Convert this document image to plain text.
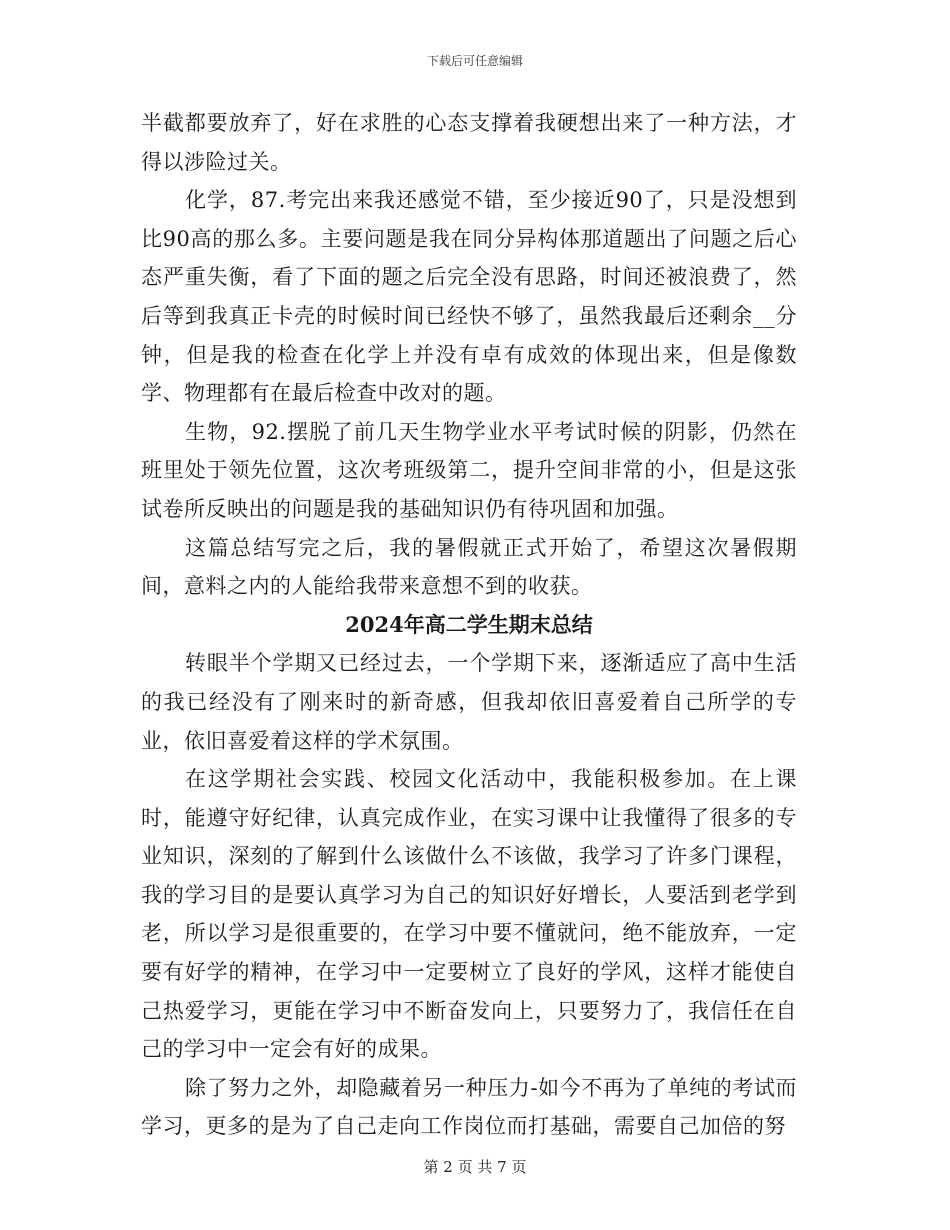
下载后可任意编辑

半截都要放弃了，好在求胜的心态支撑着我硬想出来了一种方法，才得以涉险过关。

化学，87.考完出来我还感觉不错，至少接近90了，只是没想到比90高的那么多。主要问题是我在同分异构体那道题出了问题之后心态严重失衡，看了下面的题之后完全没有思路，时间还被浪费了，然后等到我真正卡壳的时候时间已经快不够了，虽然我最后还剩余__分钟，但是我的检查在化学上并没有卓有成效的体现出来，但是像数学、物理都有在最后检查中改对的题。

生物，92.摆脱了前几天生物学业水平考试时候的阴影，仍然在班里处于领先位置，这次考班级第二，提升空间非常的小，但是这张试卷所反映出的问题是我的基础知识仍有待巩固和加强。

这篇总结写完之后，我的暑假就正式开始了，希望这次暑假期间，意料之内的人能给我带来意想不到的收获。

2024年高二学生期末总结

转眼半个学期又已经过去，一个学期下来，逐渐适应了高中生活的我已经没有了刚来时的新奇感，但我却依旧喜爱着自己所学的专业，依旧喜爱着这样的学术氛围。

在这学期社会实践、校园文化活动中，我能积极参加。在上课时，能遵守好纪律，认真完成作业，在实习课中让我懂得了很多的专业知识，深刻的了解到什么该做什么不该做，我学习了许多门课程，我的学习目的是要认真学习为自己的知识好好增长，人要活到老学到老，所以学习是很重要的，在学习中要不懂就问，绝不能放弃，一定要有好学的精神，在学习中一定要树立了良好的学风，这样才能使自己热爱学习，更能在学习中不断奋发向上，只要努力了，我信任在自己的学习中一定会有好的成果。

除了努力之外，却隐藏着另一种压力-如今不再为了单纯的考试而学习，更多的是为了自己走向工作岗位而打基础，需要自己加倍的努

第 2 页 共 7 页
